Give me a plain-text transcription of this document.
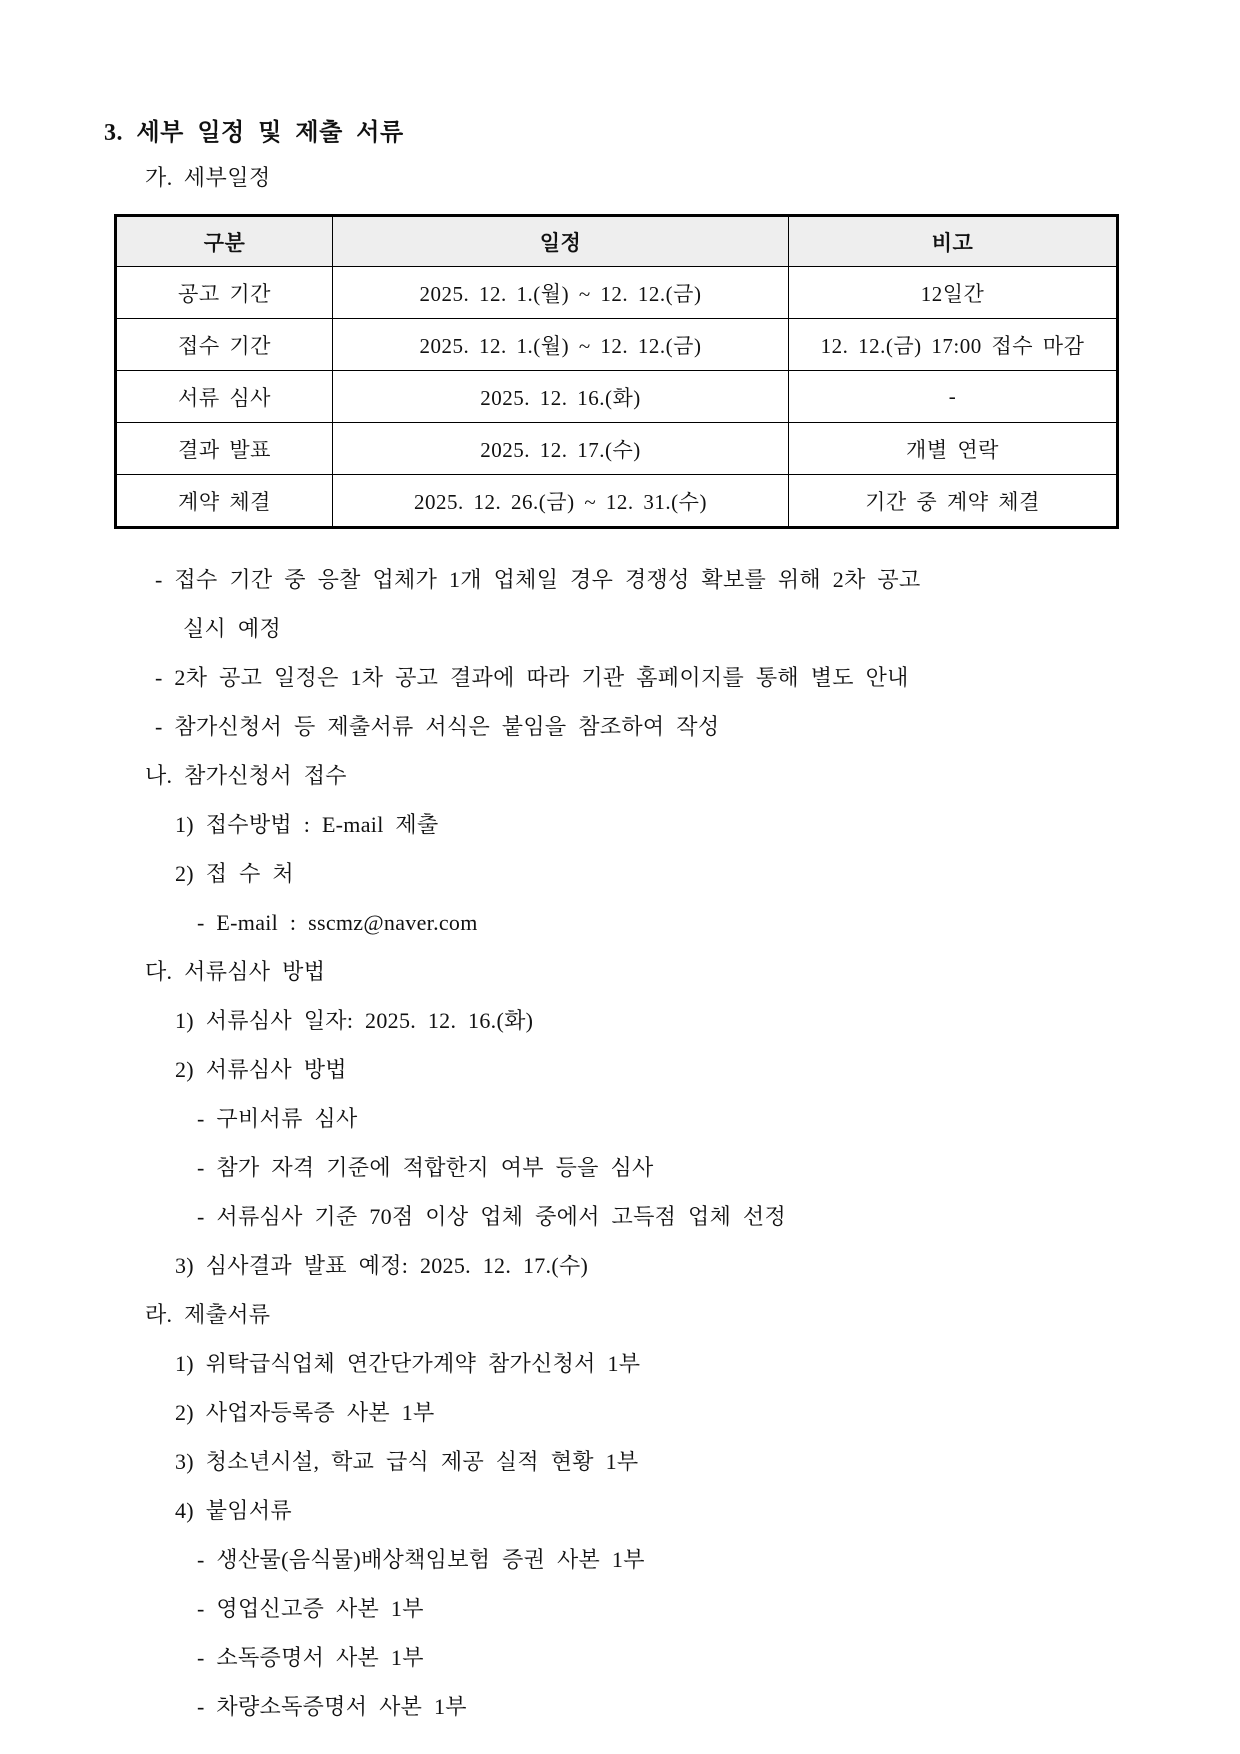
3. 세부 일정 및 제출 서류
가. 세부일정
구분	일정	비고
공고 기간	2025. 12. 1.(월) ~ 12. 12.(금)	12일간
접수 기간	2025. 12. 1.(월) ~ 12. 12.(금)	12. 12.(금) 17:00 접수 마감
서류 심사	2025. 12. 16.(화)	-
결과 발표	2025. 12. 17.(수)	개별 연락
계약 체결	2025. 12. 26.(금) ~ 12. 31.(수)	기간 중 계약 체결
- 접수 기간 중 응찰 업체가 1개 업체일 경우 경쟁성 확보를 위해 2차 공고
실시 예정
- 2차 공고 일정은 1차 공고 결과에 따라 기관 홈페이지를 통해 별도 안내
- 참가신청서 등 제출서류 서식은 붙임을 참조하여 작성
나. 참가신청서 접수
1) 접수방법 : E-mail 제출
2) 접 수 처
- E-mail : sscmz@naver.com
다. 서류심사 방법
1) 서류심사 일자: 2025. 12. 16.(화)
2) 서류심사 방법
- 구비서류 심사
- 참가 자격 기준에 적합한지 여부 등을 심사
- 서류심사 기준 70점 이상 업체 중에서 고득점 업체 선정
3) 심사결과 발표 예정: 2025. 12. 17.(수)
라. 제출서류
1) 위탁급식업체 연간단가계약 참가신청서 1부
2) 사업자등록증 사본 1부
3) 청소년시설, 학교 급식 제공 실적 현황 1부
4) 붙임서류
- 생산물(음식물)배상책임보험 증권 사본 1부
- 영업신고증 사본 1부
- 소독증명서 사본 1부
- 차량소독증명서 사본 1부
